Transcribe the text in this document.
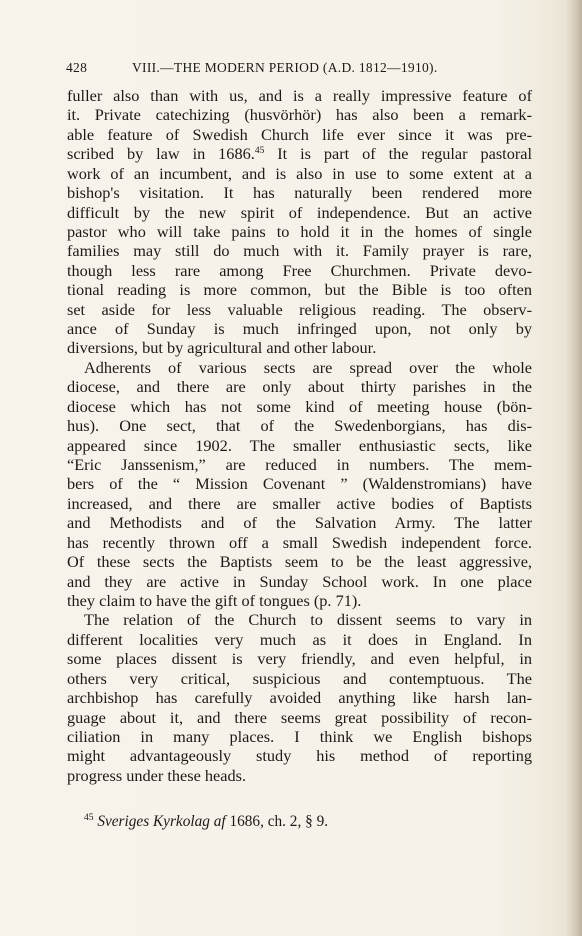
428	VIII.—THE MODERN PERIOD (A.D. 1812—1910).
fuller also than with us, and is a really impressive feature of
it. Private catechizing (husvörhör) has also been a remark-
able feature of Swedish Church life ever since it was pre-
scribed by law in 1686.45 It is part of the regular pastoral
work of an incumbent, and is also in use to some extent at a
bishop's visitation. It has naturally been rendered more
difficult by the new spirit of independence. But an active
pastor who will take pains to hold it in the homes of single
families may still do much with it. Family prayer is rare,
though less rare among Free Churchmen. Private devo-
tional reading is more common, but the Bible is too often
set aside for less valuable religious reading. The observ-
ance of Sunday is much infringed upon, not only by
diversions, but by agricultural and other labour.
Adherents of various sects are spread over the whole
diocese, and there are only about thirty parishes in the
diocese which has not some kind of meeting house (bön-
hus). One sect, that of the Swedenborgians, has dis-
appeared since 1902. The smaller enthusiastic sects, like
“Eric Janssenism,” are reduced in numbers. The mem-
bers of the “ Mission Covenant ” (Waldenstromians) have
increased, and there are smaller active bodies of Baptists
and Methodists and of the Salvation Army. The latter
has recently thrown off a small Swedish independent force.
Of these sects the Baptists seem to be the least aggressive,
and they are active in Sunday School work. In one place
they claim to have the gift of tongues (p. 71).
The relation of the Church to dissent seems to vary in
different localities very much as it does in England. In
some places dissent is very friendly, and even helpful, in
others very critical, suspicious and contemptuous. The
archbishop has carefully avoided anything like harsh lan-
guage about it, and there seems great possibility of recon-
ciliation in many places. I think we English bishops
might advantageously study his method of reporting
progress under these heads.
$^{45}$ Sveriges Kyrkolag af 1686, ch. 2, § 9.
